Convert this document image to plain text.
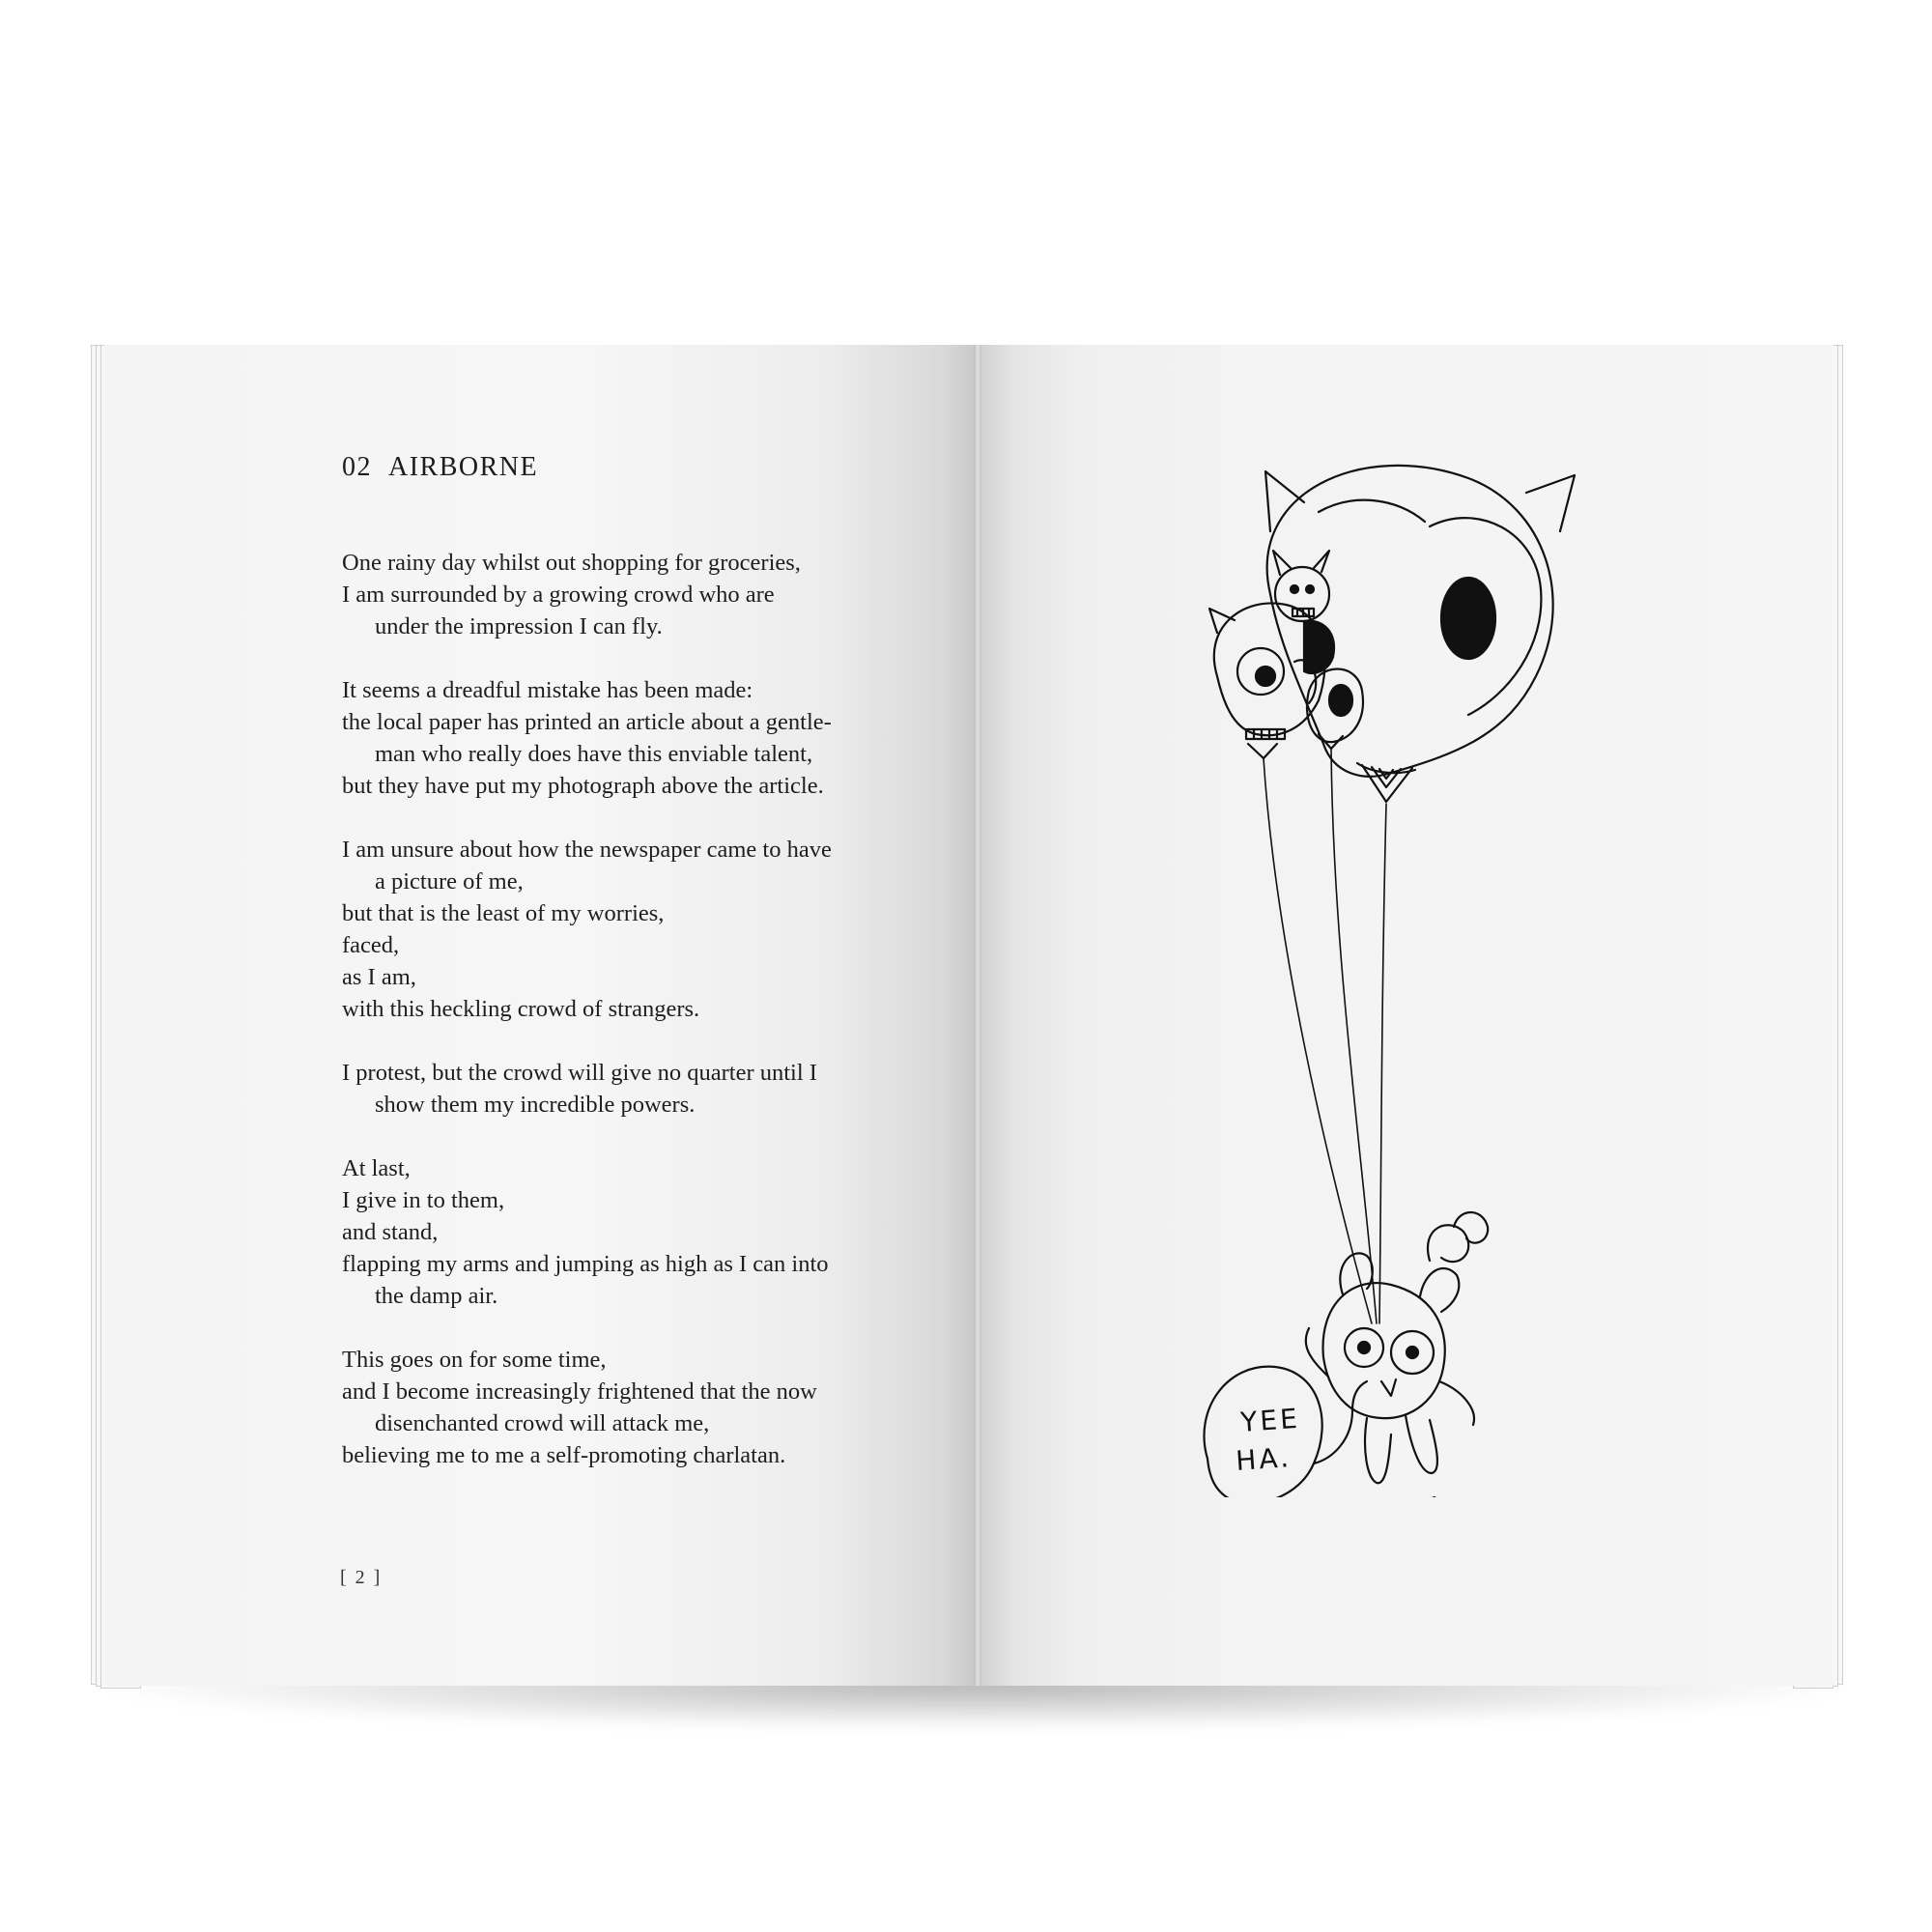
02 AIRBORNE
One rainy day whilst out shopping for groceries,
I am surrounded by a growing crowd who are
under the impression I can fly.
It seems a dreadful mistake has been made:
the local paper has printed an article about a gentle-
man who really does have this enviable talent,
but they have put my photograph above the article.
I am unsure about how the newspaper came to have
a picture of me,
but that is the least of my worries,
faced,
as I am,
with this heckling crowd of strangers.
I protest, but the crowd will give no quarter until I
show them my incredible powers.
At last,
I give in to them,
and stand,
flapping my arms and jumping as high as I can into
the damp air.
This goes on for some time,
and I become increasingly frightened that the now
disenchanted crowd will attack me,
believing me to me a self-promoting charlatan.
[ 2 ]
YEE
HA.
